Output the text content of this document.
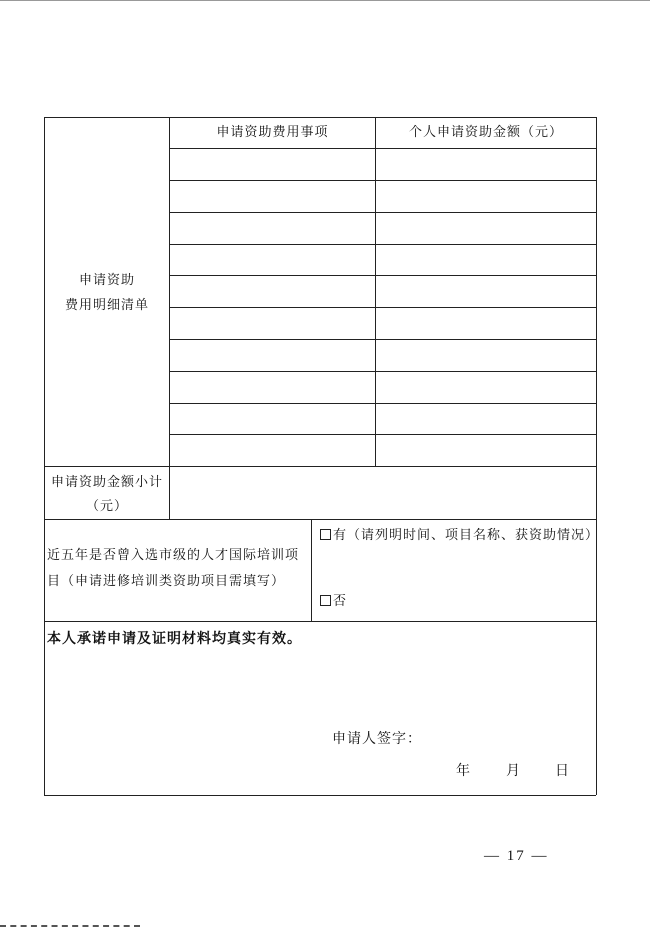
申请资助费用事项	个人申请资助金额（元）
申请资助
费用明细清单
申请资助金额小计
（元）
近五年是否曾入选市级的人才国际培训项
目（申请进修培训类资助项目需填写）
有（请列明时间、项目名称、获资助情况）
否
本人承诺申请及证明材料均真实有效。
申请人签字：
年	月 日
— 17 —
